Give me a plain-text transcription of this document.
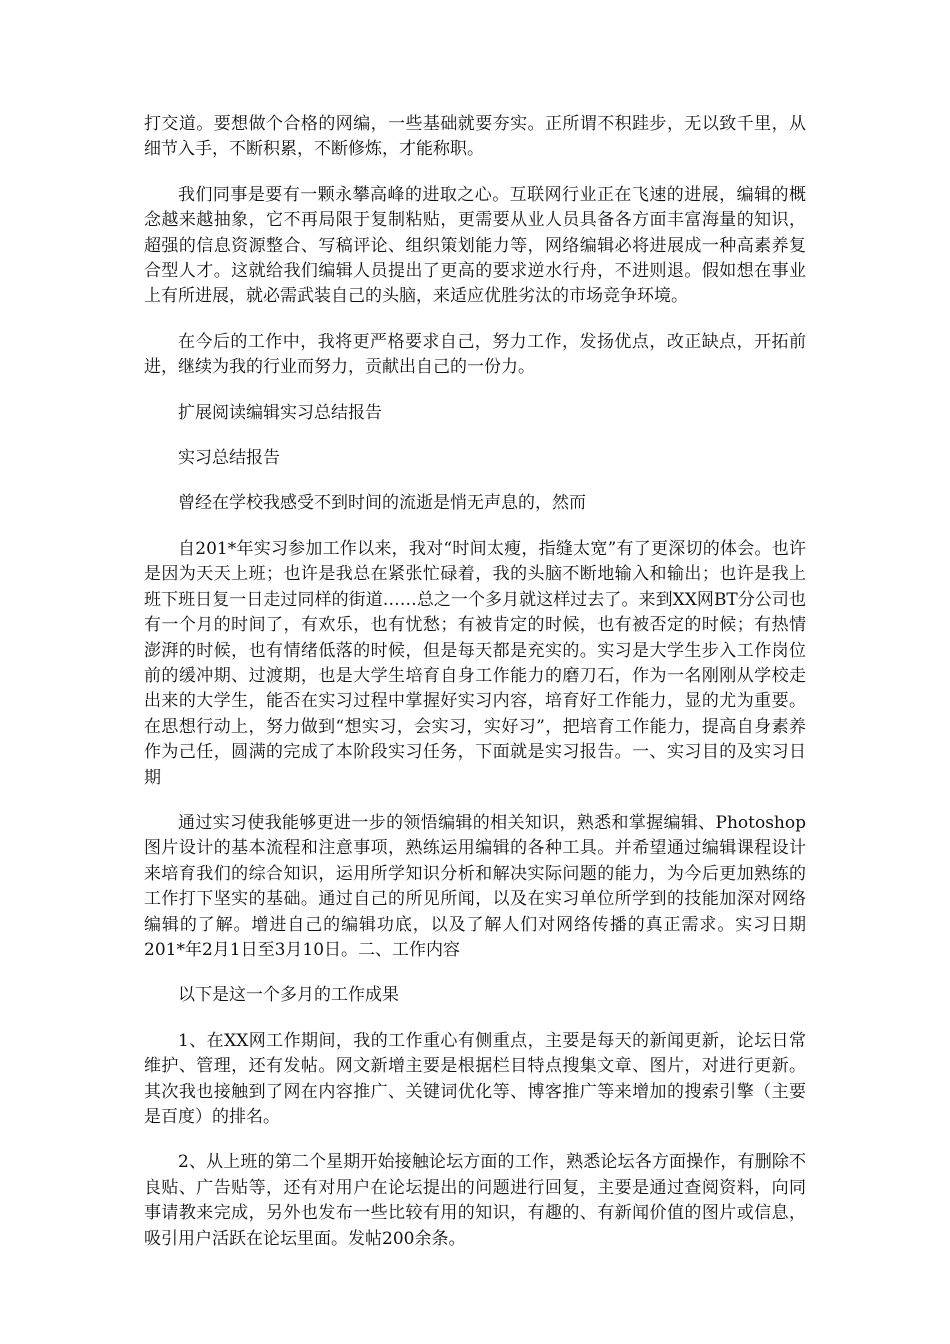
打交道。要想做个合格的网编，一些基础就要夯实。正所谓不积跬步，无以致千里，从细节入手，不断积累，不断修炼，才能称职。

我们同事是要有一颗永攀高峰的进取之心。互联网行业正在飞速的进展，编辑的概念越来越抽象，它不再局限于复制粘贴，更需要从业人员具备各方面丰富海量的知识，超强的信息资源整合、写稿评论、组织策划能力等，网络编辑必将进展成一种高素养复合型人才。这就给我们编辑人员提出了更高的要求逆水行舟，不进则退。假如想在事业上有所进展，就必需武装自己的头脑，来适应优胜劣汰的市场竞争环境。

在今后的工作中，我将更严格要求自己，努力工作，发扬优点，改正缺点，开拓前进，继续为我的行业而努力，贡献出自己的一份力。

扩展阅读编辑实习总结报告

实习总结报告

曾经在学校我感受不到时间的流逝是悄无声息的，然而

自201*年实习参加工作以来，我对“时间太瘦，指缝太宽”有了更深切的体会。也许是因为天天上班；也许是我总在紧张忙碌着，我的头脑不断地输入和输出；也许是我上班下班日复一日走过同样的街道……总之一个多月就这样过去了。来到XX网BT分公司也有一个月的时间了，有欢乐，也有忧愁；有被肯定的时候，也有被否定的时候；有热情澎湃的时候，也有情绪低落的时候，但是每天都是充实的。实习是大学生步入工作岗位前的缓冲期、过渡期，也是大学生培育自身工作能力的磨刀石，作为一名刚刚从学校走出来的大学生，能否在实习过程中掌握好实习内容，培育好工作能力，显的尤为重要。在思想行动上，努力做到“想实习，会实习，实好习”，把培育工作能力，提高自身素养作为己任，圆满的完成了本阶段实习任务，下面就是实习报告。一、实习目的及实习日期

通过实习使我能够更进一步的领悟编辑的相关知识，熟悉和掌握编辑、Photoshop图片设计的基本流程和注意事项，熟练运用编辑的各种工具。并希望通过编辑课程设计来培育我们的综合知识，运用所学知识分析和解决实际问题的能力，为今后更加熟练的工作打下坚实的基础。通过自己的所见所闻，以及在实习单位所学到的技能加深对网络编辑的了解。增进自己的编辑功底，以及了解人们对网络传播的真正需求。实习日期201*年2月1日至3月10日。二、工作内容

以下是这一个多月的工作成果

1、在XX网工作期间，我的工作重心有侧重点，主要是每天的新闻更新，论坛日常维护、管理，还有发帖。网文新增主要是根据栏目特点搜集文章、图片，对进行更新。其次我也接触到了网在内容推广、关键词优化等、博客推广等来增加的搜索引擎（主要是百度）的排名。

2、从上班的第二个星期开始接触论坛方面的工作，熟悉论坛各方面操作，有删除不良贴、广告贴等，还有对用户在论坛提出的问题进行回复，主要是通过查阅资料，向同事请教来完成，另外也发布一些比较有用的知识，有趣的、有新闻价值的图片或信息，吸引用户活跃在论坛里面。发帖200余条。
